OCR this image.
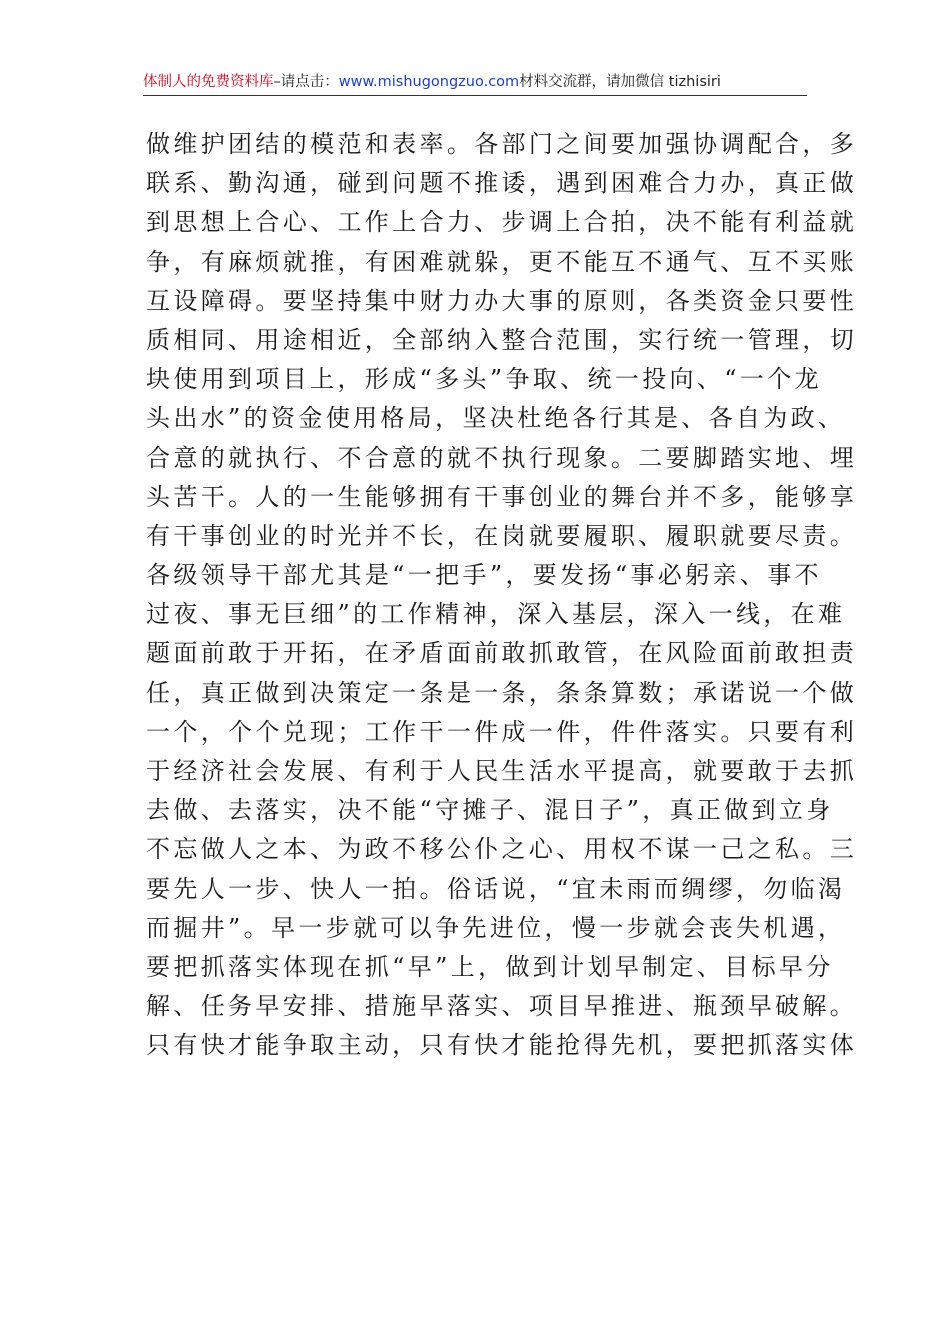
体制人的免费资料库–请点击：www.mishugongzuo.com材料交流群，请加微信 tizhisiri
做维护团结的模范和表率。各部门之间要加强协调配合，多
联系、勤沟通，碰到问题不推诿，遇到困难合力办，真正做
到思想上合心、工作上合力、步调上合拍，决不能有利益就
争，有麻烦就推，有困难就躲，更不能互不通气、互不买账
互设障碍。要坚持集中财力办大事的原则，各类资金只要性
质相同、用途相近，全部纳入整合范围，实行统一管理，切
块使用到项目上，形成“多头”争取、统一投向、“一个龙
头出水”的资金使用格局，坚决杜绝各行其是、各自为政、
合意的就执行、不合意的就不执行现象。二要脚踏实地、埋
头苦干。人的一生能够拥有干事创业的舞台并不多，能够享
有干事创业的时光并不长，在岗就要履职、履职就要尽责。
各级领导干部尤其是“一把手”，要发扬“事必躬亲、事不
过夜、事无巨细”的工作精神，深入基层，深入一线，在难
题面前敢于开拓，在矛盾面前敢抓敢管，在风险面前敢担责
任，真正做到决策定一条是一条，条条算数；承诺说一个做
一个，个个兑现；工作干一件成一件，件件落实。只要有利
于经济社会发展、有利于人民生活水平提高，就要敢于去抓
去做、去落实，决不能“守摊子、混日子”，真正做到立身
不忘做人之本、为政不移公仆之心、用权不谋一己之私。三
要先人一步、快人一拍。俗话说，“宜未雨而绸缪，勿临渴
而掘井”。早一步就可以争先进位，慢一步就会丧失机遇，
要把抓落实体现在抓“早”上，做到计划早制定、目标早分
解、任务早安排、措施早落实、项目早推进、瓶颈早破解。
只有快才能争取主动，只有快才能抢得先机，要把抓落实体
